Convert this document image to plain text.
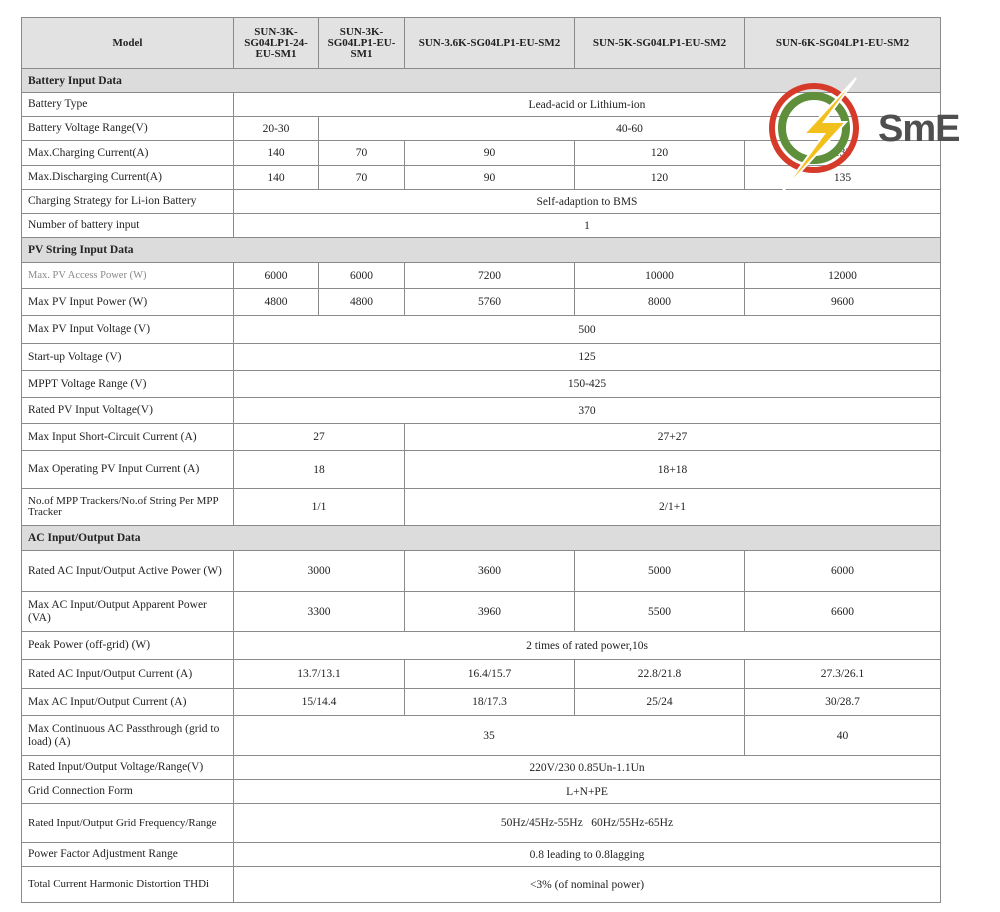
Model	SUN-3K-SG04LP1-24-EU-SM1	SUN-3K-SG04LP1-EU-SM1	SUN-3.6K-SG04LP1-EU-SM2	SUN-5K-SG04LP1-EU-SM2	SUN-6K-SG04LP1-EU-SM2
Battery Input Data					
Battery Type	Lead-acid or Lithium-ion				
Battery Voltage Range(V)	20-30	40-60			
Max.Charging Current(A)	140	70	90	120	135
Max.Discharging Current(A)	140	70	90	120	135
Charging Strategy for Li-ion Battery	Self-adaption to BMS				
Number of battery input	1				
PV String Input Data					
Max. PV Access Power (W)	6000	6000	7200	10000	12000
Max PV Input Power (W)	4800	4800	5760	8000	9600
Max PV Input Voltage (V)	500				
Start-up Voltage (V)	125				
MPPT Voltage Range (V)	150-425				
Rated PV Input Voltage(V)	370				
Max Input Short-Circuit Current (A)	27		27+27		
Max Operating PV Input Current (A)	18		18+18		
No.of MPP Trackers/No.of String Per MPP Tracker	1/1		2/1+1		
AC Input/Output Data					
Rated AC Input/Output Active Power (W)	3000		3600	5000	6000
Max AC Input/Output Apparent Power (VA)	3300		3960	5500	6600
Peak Power (off-grid) (W)	2 times of rated power,10s				
Rated AC Input/Output Current (A)	13.7/13.1		16.4/15.7	22.8/21.8	27.3/26.1
Max AC Input/Output Current (A)	15/14.4		18/17.3	25/24	30/28.7
Max Continuous AC Passthrough (grid to load) (A)	35				40
Rated Input/Output Voltage/Range(V)	220V/230 0.85Un-1.1Un				
Grid Connection Form	L+N+PE				
Rated Input/Output Grid Frequency/Range	50Hz/45Hz-55Hz   60Hz/55Hz-65Hz				
Power Factor Adjustment Range	0.8 leading to 0.8lagging				
Total Current Harmonic Distortion THDi	<3% (of nominal power)				
SmE
